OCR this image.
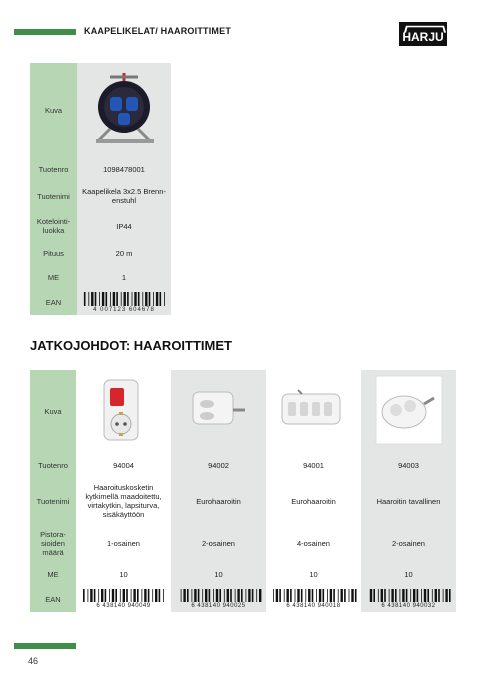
KAAPELIKELAT/ HAAROITTIMET	HARJU
Kuva	
Tuotenro	1098478001
Tuotenimi	Kaapelikela 3x2.5 Brenn-enstuhl
Kotelointi-luokka	IP44
Pituus	20 m
ME	1
EAN	4 007123 604678
JATKOJOHDOT: HAAROITTIMET
Kuva				
Tuotenro	94004	94002	94001	94003
Tuotenimi	Haaroituskosketin kytkimellä maadoitettu, virtakytkin, lapsiturva, sisäkäyttöön	Eurohaaroitin	Eurohaaroitin	Haaroitin tavallinen
Pistora-sioiden määrä	1-osainen	2-osainen	4-osainen	2-osainen
ME	10	10	10	10
EAN	6 438140 940049	6 438140 940025	6 438140 940018	6 438140 940032
46
